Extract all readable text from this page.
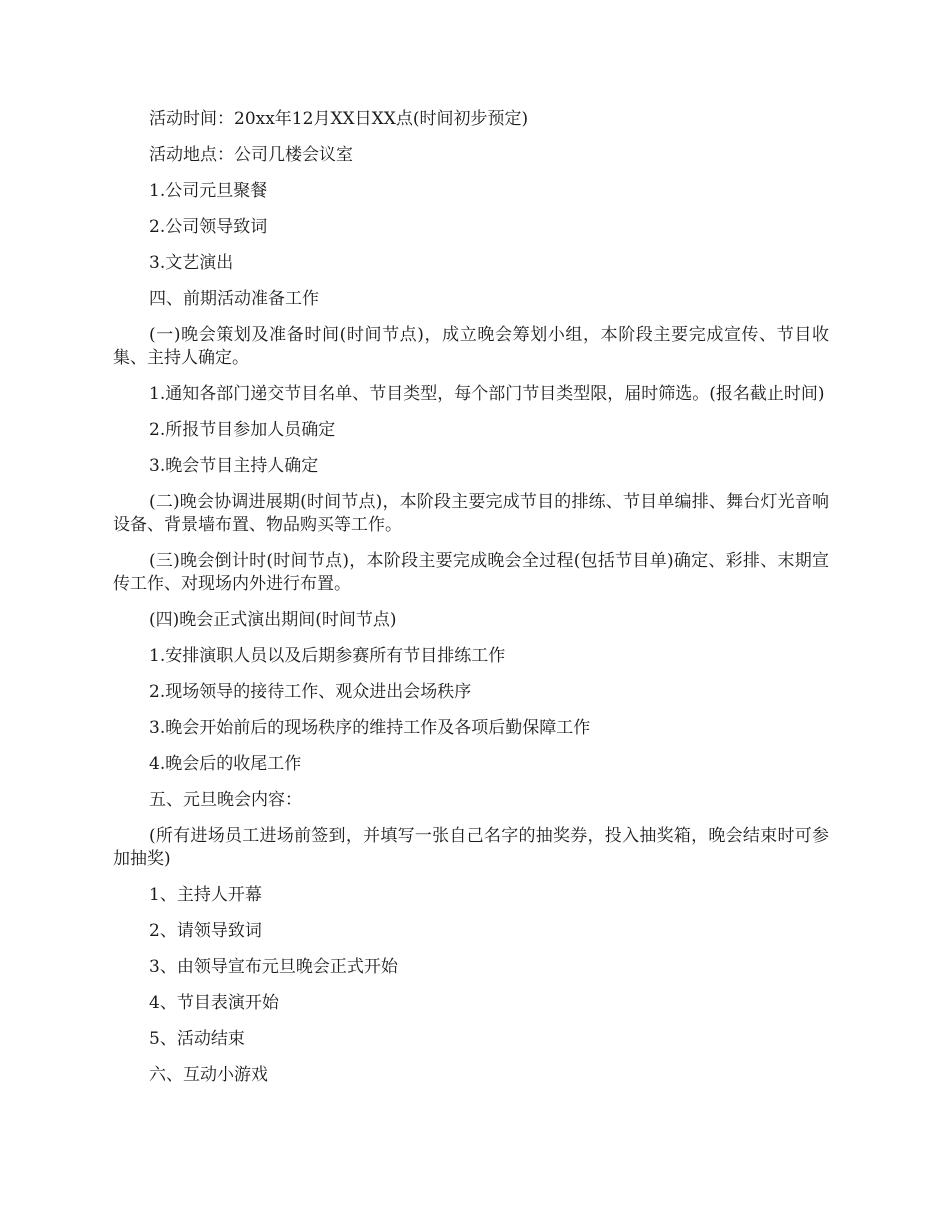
活动时间：20xx年12月XX日XX点(时间初步预定)

活动地点：公司几楼会议室

1.公司元旦聚餐

2.公司领导致词

3.文艺演出

四、前期活动准备工作

(一)晚会策划及准备时间(时间节点)，成立晚会筹划小组，本阶段主要完成宣传、节目收集、主持人确定。

1.通知各部门递交节目名单、节目类型，每个部门节目类型限，届时筛选。(报名截止时间)

2.所报节目参加人员确定

3.晚会节目主持人确定

(二)晚会协调进展期(时间节点)，本阶段主要完成节目的排练、节目单编排、舞台灯光音响设备、背景墙布置、物品购买等工作。

(三)晚会倒计时(时间节点)，本阶段主要完成晚会全过程(包括节目单)确定、彩排、末期宣传工作、对现场内外进行布置。

(四)晚会正式演出期间(时间节点)

1.安排演职人员以及后期参赛所有节目排练工作

2.现场领导的接待工作、观众进出会场秩序

3.晚会开始前后的现场秩序的维持工作及各项后勤保障工作

4.晚会后的收尾工作

五、元旦晚会内容：

(所有进场员工进场前签到，并填写一张自己名字的抽奖券，投入抽奖箱，晚会结束时可参加抽奖)

1、主持人开幕

2、请领导致词

3、由领导宣布元旦晚会正式开始

4、节目表演开始

5、活动结束

六、互动小游戏
